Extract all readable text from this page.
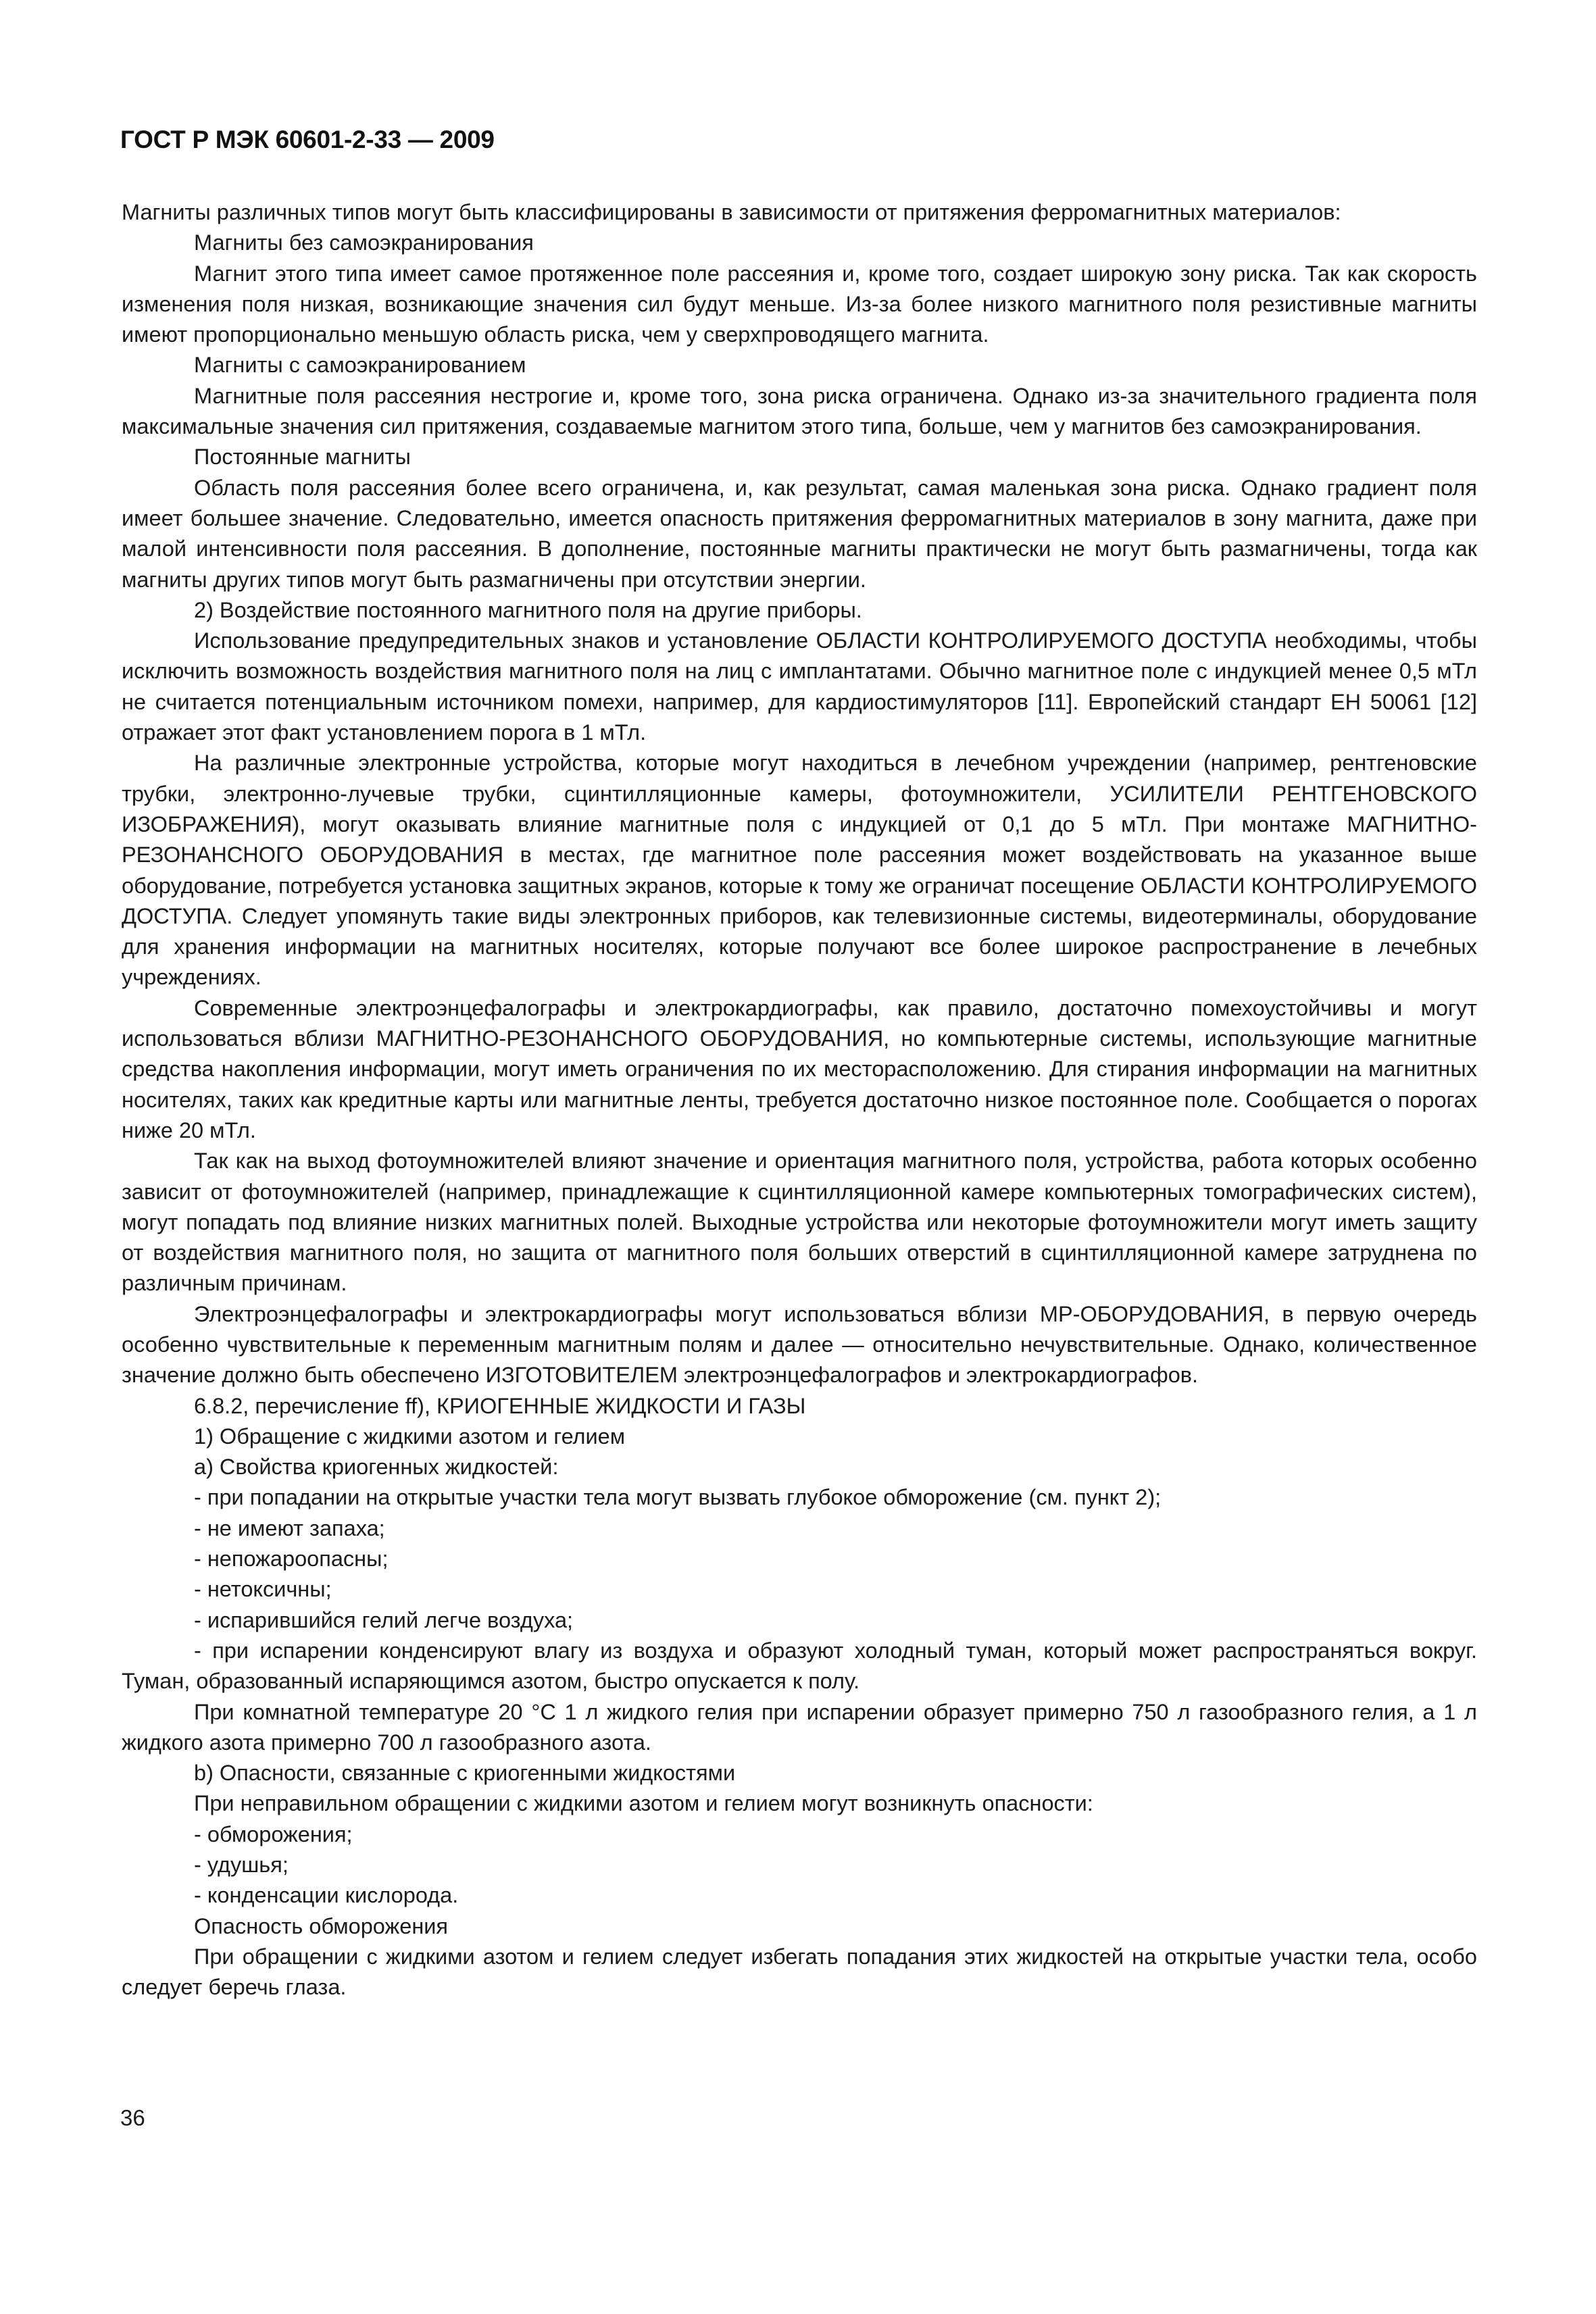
ГОСТ Р МЭК 60601-2-33 — 2009

Магниты различных типов могут быть классифицированы в зависимости от притяжения ферромагнитных материалов:

Магниты без самоэкранирования

Магнит этого типа имеет самое протяженное поле рассеяния и, кроме того, создает широкую зону риска. Так как скорость изменения поля низкая, возникающие значения сил будут меньше. Из-за более низкого магнитного поля резистивные магниты имеют пропорционально меньшую область риска, чем у сверхпроводящего магнита.

Магниты с самоэкранированием

Магнитные поля рассеяния нестрогие и, кроме того, зона риска ограничена. Однако из-за значительного градиента поля максимальные значения сил притяжения, создаваемые магнитом этого типа, больше, чем у магнитов без самоэкранирования.

Постоянные магниты

Область поля рассеяния более всего ограничена, и, как результат, самая маленькая зона риска. Однако градиент поля имеет большее значение. Следовательно, имеется опасность притяжения ферромагнитных материалов в зону магнита, даже при малой интенсивности поля рассеяния. В дополнение, постоянные магниты практически не могут быть размагничены, тогда как магниты других типов могут быть размагничены при отсутствии энергии.

2) Воздействие постоянного магнитного поля на другие приборы.

Использование предупредительных знаков и установление ОБЛАСТИ КОНТРОЛИРУЕМОГО ДОСТУПА необходимы, чтобы исключить возможность воздействия магнитного поля на лиц с имплантатами. Обычно магнитное поле с индукцией менее 0,5 мТл не считается потенциальным источником помехи, например, для кардиостимуляторов [11]. Европейский стандарт ЕН 50061 [12] отражает этот факт установлением порога в 1 мТл.

На различные электронные устройства, которые могут находиться в лечебном учреждении (например, рентгеновские трубки, электронно-лучевые трубки, сцинтилляционные камеры, фотоумножители, УСИЛИТЕЛИ РЕНТГЕНОВСКОГО ИЗОБРАЖЕНИЯ), могут оказывать влияние магнитные поля с индукцией от 0,1 до 5 мТл. При монтаже МАГНИТНО-РЕЗОНАНСНОГО ОБОРУДОВАНИЯ в местах, где магнитное поле рассеяния может воздействовать на указанное выше оборудование, потребуется установка защитных экранов, которые к тому же ограничат посещение ОБЛАСТИ КОНТРОЛИРУЕМОГО ДОСТУПА. Следует упомянуть такие виды электронных приборов, как телевизионные системы, видеотерминалы, оборудование для хранения информации на магнитных носителях, которые получают все более широкое распространение в лечебных учреждениях.

Современные электроэнцефалографы и электрокардиографы, как правило, достаточно помехоустойчивы и могут использоваться вблизи МАГНИТНО-РЕЗОНАНСНОГО ОБОРУДОВАНИЯ, но компьютерные системы, использующие магнитные средства накопления информации, могут иметь ограничения по их месторасположению. Для стирания информации на магнитных носителях, таких как кредитные карты или магнитные ленты, требуется достаточно низкое постоянное поле. Сообщается о порогах ниже 20 мТл.

Так как на выход фотоумножителей влияют значение и ориентация магнитного поля, устройства, работа которых особенно зависит от фотоумножителей (например, принадлежащие к сцинтилляционной камере компьютерных томографических систем), могут попадать под влияние низких магнитных полей. Выходные устройства или некоторые фотоумножители могут иметь защиту от воздействия магнитного поля, но защита от магнитного поля больших отверстий в сцинтилляционной камере затруднена по различным причинам.

Электроэнцефалографы и электрокардиографы могут использоваться вблизи МР-ОБОРУДОВАНИЯ, в первую очередь особенно чувствительные к переменным магнитным полям и далее — относительно нечувствительные. Однако, количественное значение должно быть обеспечено ИЗГОТОВИТЕЛЕМ электроэнцефалографов и электрокардиографов.

6.8.2, перечисление ff), КРИОГЕННЫЕ ЖИДКОСТИ И ГАЗЫ

1) Обращение с жидкими азотом и гелием

a) Свойства криогенных жидкостей:

- при попадании на открытые участки тела могут вызвать глубокое обморожение (см. пункт 2);

- не имеют запаха;

- непожароопасны;

- нетоксичны;

- испарившийся гелий легче воздуха;

- при испарении конденсируют влагу из воздуха и образуют холодный туман, который может распространяться вокруг. Туман, образованный испаряющимся азотом, быстро опускается к полу.

При комнатной температуре 20 °С 1 л жидкого гелия при испарении образует примерно 750 л газообразного гелия, а 1 л жидкого азота примерно 700 л газообразного азота.

b) Опасности, связанные с криогенными жидкостями

При неправильном обращении с жидкими азотом и гелием могут возникнуть опасности:

- обморожения;

- удушья;

- конденсации кислорода.

Опасность обморожения

При обращении с жидкими азотом и гелием следует избегать попадания этих жидкостей на открытые участки тела, особо следует беречь глаза.

36
